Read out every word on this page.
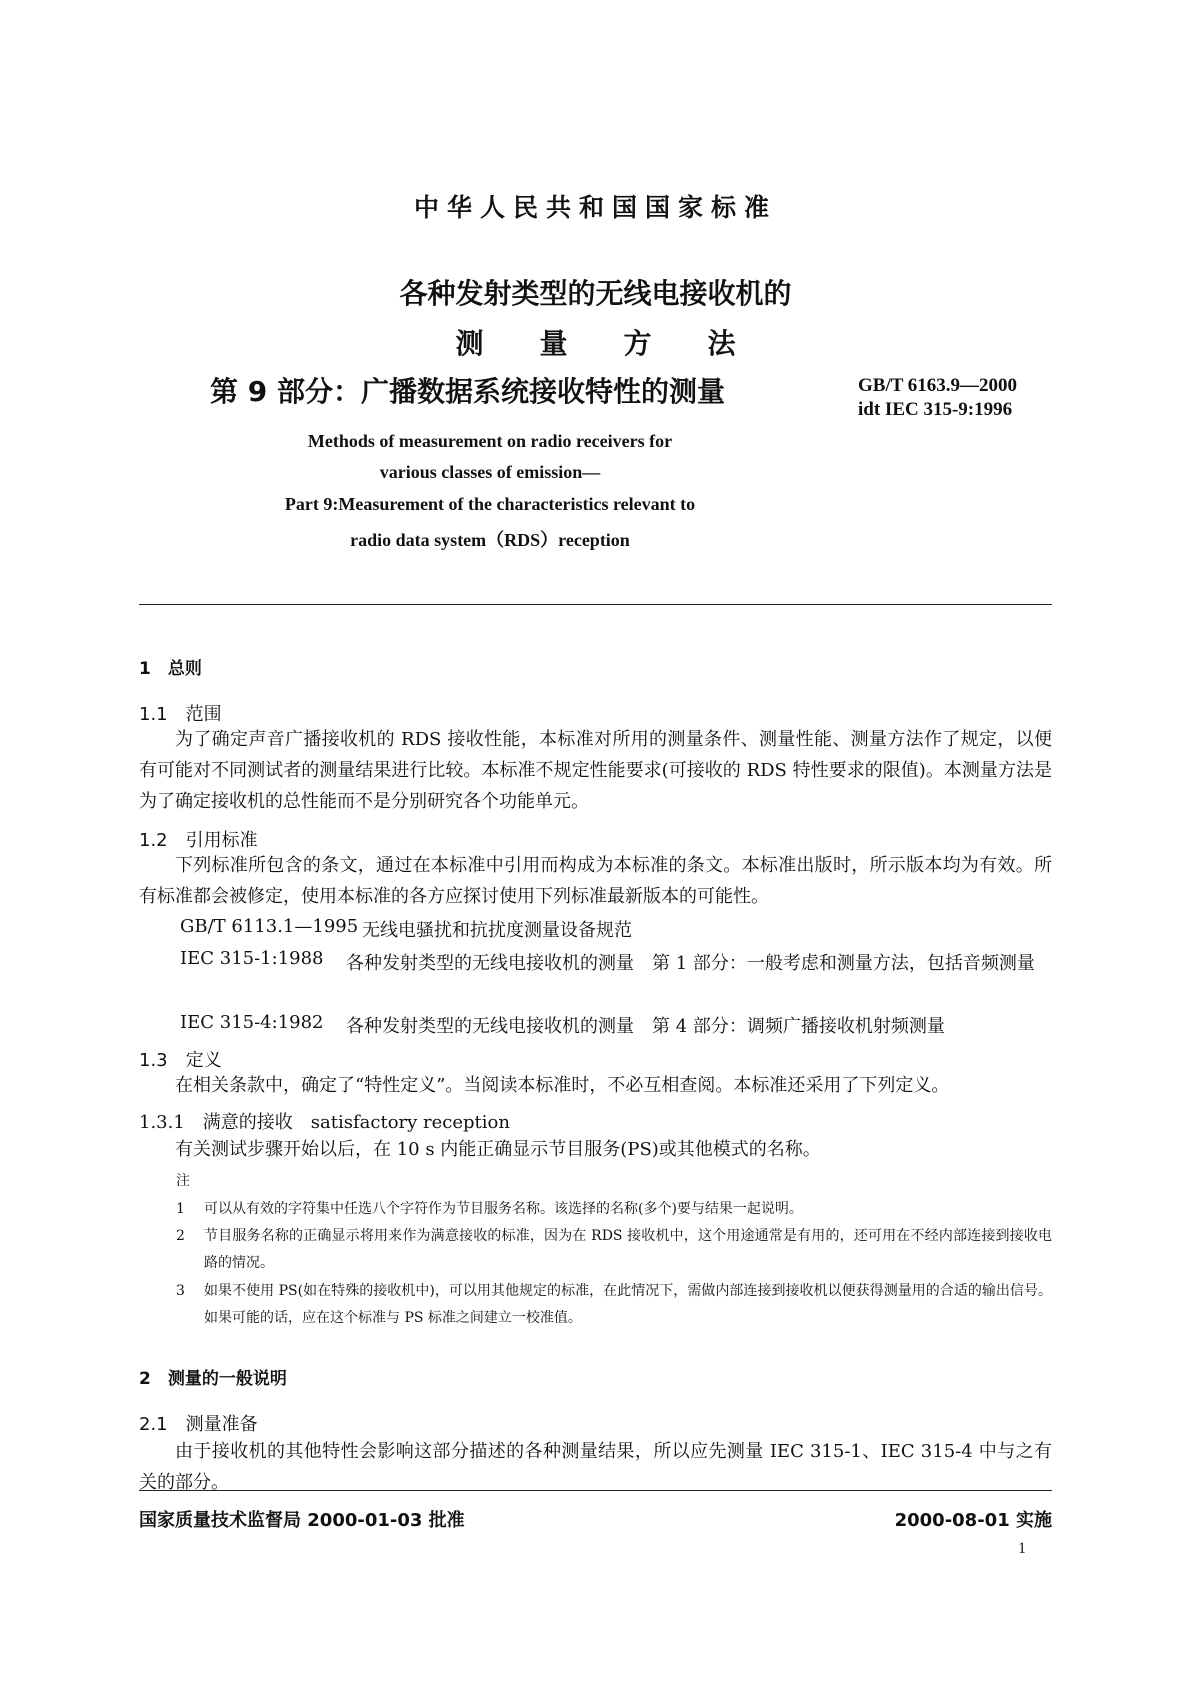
中华人民共和国国家标准
各种发射类型的无线电接收机的
测量方法
第 9 部分：广播数据系统接收特性的测量	GB/T 6163.9—2000
idt IEC 315-9:1996
Methods of measurement on radio receivers for
various classes of emission—
Part 9:Measurement of the characteristics relevant to
radio data system（RDS）reception
1　总则
1.1　范围
为了确定声音广播接收机的 RDS 接收性能，本标准对所用的测量条件、测量性能、测量方法作了规定，以便有可能对不同测试者的测量结果进行比较。本标准不规定性能要求(可接收的 RDS 特性要求的限值)。本测量方法是为了确定接收机的总性能而不是分别研究各个功能单元。
1.2　引用标准
下列标准所包含的条文，通过在本标准中引用而构成为本标准的条文。本标准出版时，所示版本均为有效。所有标准都会被修定，使用本标准的各方应探讨使用下列标准最新版本的可能性。
GB/T 6113.1—1995 无线电骚扰和抗扰度测量设备规范
IEC 315-1:1988 各种发射类型的无线电接收机的测量　第 1 部分：一般考虑和测量方法，包括音频测量
IEC 315-4:1982 各种发射类型的无线电接收机的测量　第 4 部分：调频广播接收机射频测量
1.3　定义
在相关条款中，确定了“特性定义”。当阅读本标准时，不必互相查阅。本标准还采用了下列定义。
1.3.1　满意的接收　satisfactory reception
有关测试步骤开始以后，在 10 s 内能正确显示节目服务(PS)或其他模式的名称。
注
1 可以从有效的字符集中任选八个字符作为节目服务名称。该选择的名称(多个)要与结果一起说明。
2 节目服务名称的正确显示将用来作为满意接收的标准，因为在 RDS 接收机中，这个用途通常是有用的，还可用在不经内部连接到接收电路的情况。
3 如果不使用 PS(如在特殊的接收机中)，可以用其他规定的标准，在此情况下，需做内部连接到接收机以便获得测量用的合适的输出信号。如果可能的话，应在这个标准与 PS 标准之间建立一校准值。
2　测量的一般说明
2.1　测量准备
由于接收机的其他特性会影响这部分描述的各种测量结果，所以应先测量 IEC 315-1、IEC 315-4 中与之有关的部分。
国家质量技术监督局 2000-01-03 批准	2000-08-01 实施
1
